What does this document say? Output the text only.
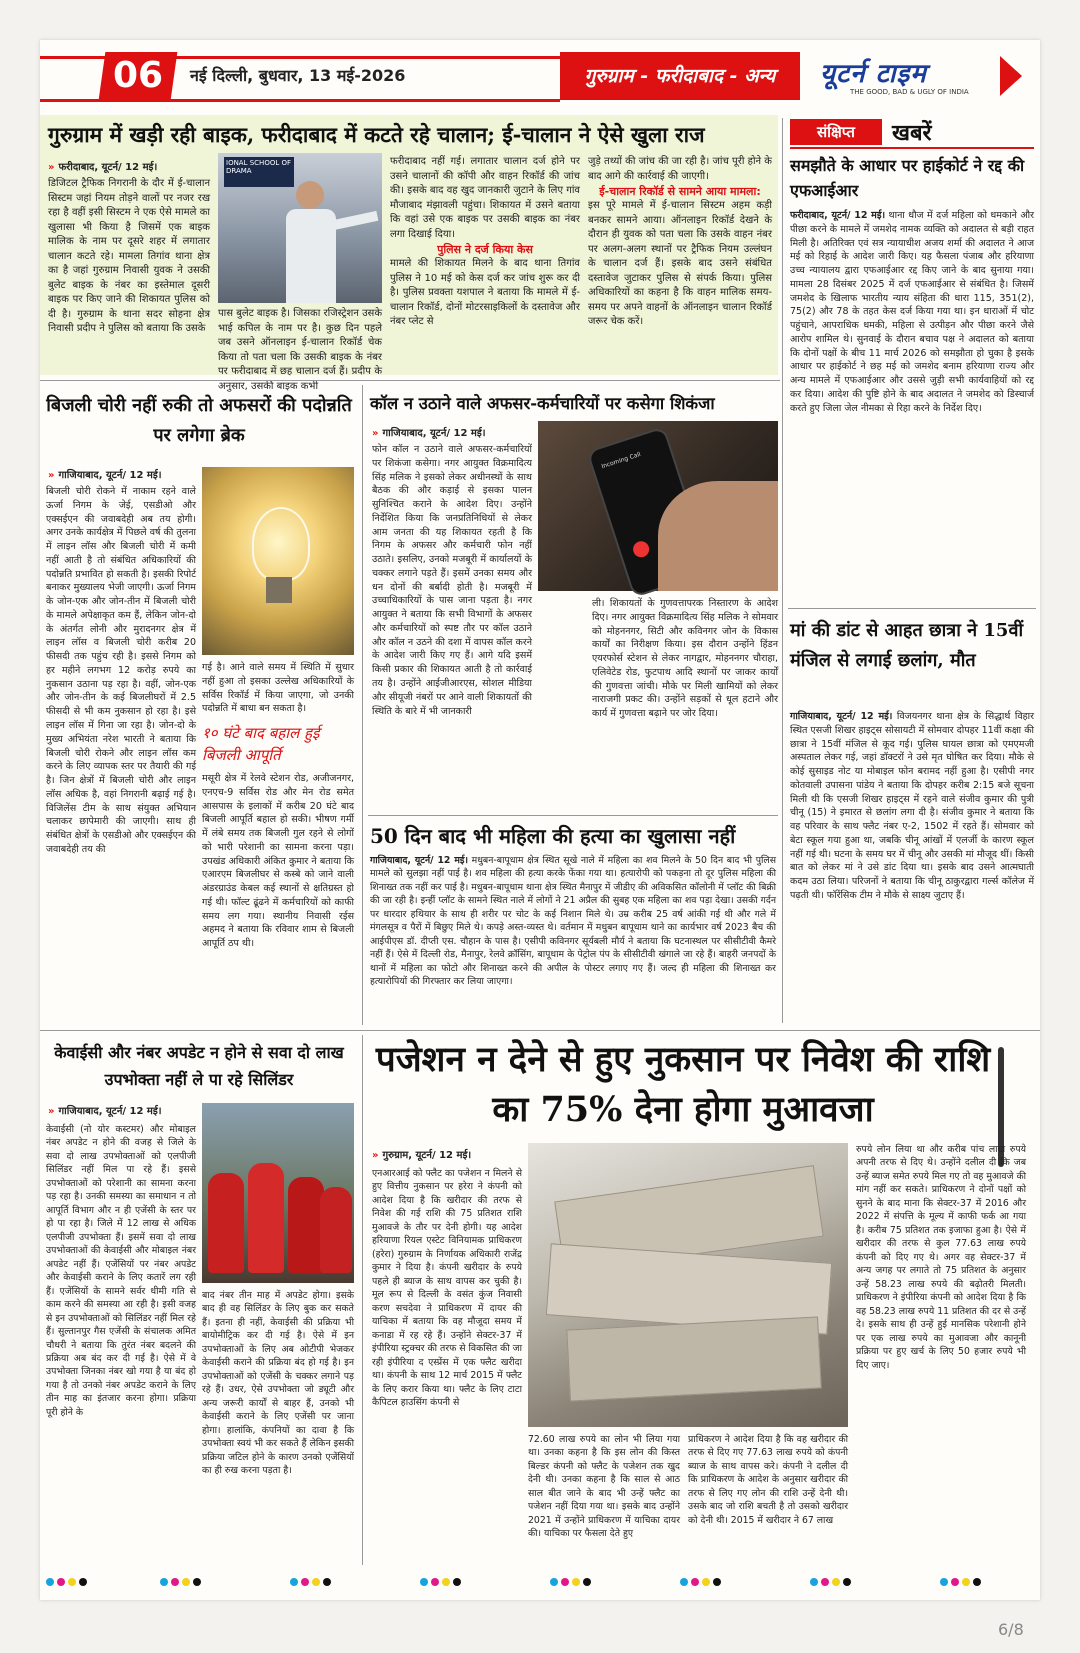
06	नई दिल्ली, बुधवार, 13 मई-2026	गुरुग्राम - फरीदाबाद - अन्य	यूटर्न टाइम
THE GOOD, BAD & UGLY OF INDIA
गुरुग्राम में खड़ी रही बाइक, फरीदाबाद में कटते रहे चालान; ई-चालान ने ऐसे खुला राज
» फरीदाबाद, यूटर्न/ 12 मई।
डिजिटल ट्रैफिक निगरानी के दौर में ई-चालान सिस्टम जहां नियम तोड़ने वालों पर नजर रख रहा है वहीं इसी सिस्टम ने एक ऐसे मामले का खुलासा भी किया है जिसमें एक बाइक मालिक के नाम पर दूसरे शहर में लगातार चालान कटते रहे। मामला तिगांव थाना क्षेत्र का है जहां गुरुग्राम निवासी युवक ने उसकी बुलेट बाइक के नंबर का इस्तेमाल दूसरी बाइक पर किए जाने की शिकायत पुलिस को दी है। गुरुग्राम के थाना सदर सोहना क्षेत्र निवासी प्रदीप ने पुलिस को बताया कि उसके
IONAL SCHOOL OF DRAMA
पास बुलेट बाइक है। जिसका रजिस्ट्रेशन उसके भाई कपिल के नाम पर है। कुछ दिन पहले जब उसने ऑनलाइन ई-चालान रिकॉर्ड चेक किया तो पता चला कि उसकी बाइक के नंबर पर फरीदाबाद में छह चालान दर्ज हैं। प्रदीप के अनुसार, उसकी बाइक कभी
फरीदाबाद नहीं गई। लगातार चालान दर्ज होने पर उसने चालानों की कॉपी और वाहन रिकॉर्ड की जांच की। इसके बाद वह खुद जानकारी जुटाने के लिए गांव मौजाबाद मंझावली पहुंचा। शिकायत में उसने बताया कि वहां उसे एक बाइक पर उसकी बाइक का नंबर लगा दिखाई दिया।
पुलिस ने दर्ज किया केस
मामले की शिकायत मिलने के बाद थाना तिगांव पुलिस ने 10 मई को केस दर्ज कर जांच शुरू कर दी है। पुलिस प्रवक्ता यशपाल ने बताया कि मामले में ई-चालान रिकॉर्ड, दोनों मोटरसाइकिलों के दस्तावेज और नंबर प्लेट से
जुड़े तथ्यों की जांच की जा रही है। जांच पूरी होने के बाद आगे की कार्रवाई की जाएगी।
ई-चालान रिकॉर्ड से सामने आया मामला:
इस पूरे मामले में ई-चालान सिस्टम अहम कड़ी बनकर सामने आया। ऑनलाइन रिकॉर्ड देखने के दौरान ही युवक को पता चला कि उसके वाहन नंबर पर अलग-अलग स्थानों पर ट्रैफिक नियम उल्लंघन के चालान दर्ज हैं। इसके बाद उसने संबंधित दस्तावेज जुटाकर पुलिस से संपर्क किया। पुलिस अधिकारियों का कहना है कि वाहन मालिक समय-समय पर अपने वाहनों के ऑनलाइन चालान रिकॉर्ड जरूर चेक करें।
संक्षिप्त	खबरें
समझौते के आधार पर हाईकोर्ट ने रद्द की एफआईआर
फरीदाबाद, यूटर्न/ 12 मई। थाना धौज में दर्ज महिला को धमकाने और पीछा करने के मामले में जमशेद नामक व्यक्ति को अदालत से बड़ी राहत मिली है। अतिरिक्त एवं सत्र न्यायाधीश अजय शर्मा की अदालत ने आज मई को रिहाई के आदेश जारी किए। यह फैसला पंजाब और हरियाणा उच्च न्यायालय द्वारा एफआईआर रद्द किए जाने के बाद सुनाया गया। मामला 28 दिसंबर 2025 में दर्ज एफआईआर से संबंधित है। जिसमें जमशेद के खिलाफ भारतीय न्याय संहिता की धारा 115, 351(2), 75(2) और 78 के तहत केस दर्ज किया गया था। इन धाराओं में चोट पहुंचाने, आपराधिक धमकी, महिला से उत्पीड़न और पीछा करने जैसे आरोप शामिल थे। सुनवाई के दौरान बचाव पक्ष ने अदालत को बताया कि दोनों पक्षों के बीच 11 मार्च 2026 को समझौता हो चुका है इसके आधार पर हाईकोर्ट ने छह मई को जमशेद बनाम हरियाणा राज्य और अन्य मामले में एफआईआर और उससे जुड़ी सभी कार्यवाहियों को रद्द कर दिया। आदेश की पुष्टि होने के बाद अदालत ने जमशेद को डिस्चार्ज करते हुए जिला जेल नीमका से रिहा करने के निर्देश दिए।
मां की डांट से आहत छात्रा ने 15वीं मंजिल से लगाई छलांग, मौत
गाजियाबाद, यूटर्न/ 12 मई। विजयनगर थाना क्षेत्र के सिद्धार्थ विहार स्थित एसजी शिखर हाइट्स सोसायटी में सोमवार दोपहर 11वीं कक्षा की छात्रा ने 15वीं मंजिल से कूद गई। पुलिस घायल छात्रा को एमएमजी अस्पताल लेकर गई, जहां डॉक्टरों ने उसे मृत घोषित कर दिया। मौके से कोई सुसाइड नोट या मोबाइल फोन बरामद नहीं हुआ है। एसीपी नगर कोतवाली उपासना पांडेय ने बताया कि दोपहर करीब 2:15 बजे सूचना मिली थी कि एसजी शिखर हाइट्स में रहने वाले संजीव कुमार की पुत्री चीनू (15) ने इमारत से छलांग लगा दी है। संजीव कुमार ने बताया कि वह परिवार के साथ फ्लैट नंबर ए-2, 1502 में रहते हैं। सोमवार को बेटा स्कूल गया हुआ था, जबकि चीनू आंखों में एलर्जी के कारण स्कूल नहीं गई थी। घटना के समय घर में चीनू और उसकी मां मौजूद थीं। किसी बात को लेकर मां ने उसे डांट दिया था। इसके बाद उसने आत्मघाती कदम उठा लिया। परिजनों ने बताया कि चीनू ठाकुरद्वारा गर्ल्स कॉलेज में पढ़ती थी। फॉरेंसिक टीम ने मौके से साक्ष्य जुटाए हैं।
बिजली चोरी नहीं रुकी तो अफसरों की पदोन्नति पर लगेगा ब्रेक
» गाजियाबाद, यूटर्न/ 12 मई।
बिजली चोरी रोकने में नाकाम रहने वाले ऊर्जा निगम के जेई, एसडीओ और एक्सईएन की जवाबदेही अब तय होगी। अगर उनके कार्यक्षेत्र में पिछले वर्ष की तुलना में लाइन लॉस और बिजली चोरी में कमी नहीं आती है तो संबंधित अधिकारियों की पदोन्नति प्रभावित हो सकती है। इसकी रिपोर्ट बनाकर मुख्यालय भेजी जाएगी। ऊर्जा निगम के जोन-एक और जोन-तीन में बिजली चोरी के मामले अपेक्षाकृत कम हैं, लेकिन जोन-दो के अंतर्गत लोनी और मुरादनगर क्षेत्र में लाइन लॉस व बिजली चोरी करीब 20 फीसदी तक पहुंच रही है। इससे निगम को हर महीने लगभग 12 करोड़ रुपये का नुकसान उठाना पड़ रहा है। वहीं, जोन-एक और जोन-तीन के कई बिजलीघरों में 2.5 फीसदी से भी कम नुकसान हो रहा है। इसे लाइन लॉस में गिना जा रहा है। जोन-दो के मुख्य अभियंता नरेश भारती ने बताया कि बिजली चोरी रोकने और लाइन लॉस कम करने के लिए व्यापक स्तर पर तैयारी की गई है। जिन क्षेत्रों में बिजली चोरी और लाइन लॉस अधिक है, वहां निगरानी बढ़ाई गई है। विजिलेंस टीम के साथ संयुक्त अभियान चलाकर छापेमारी की जाएगी। साथ ही संबंधित क्षेत्रों के एसडीओ और एक्सईएन की जवाबदेही तय की
गई है। आने वाले समय में स्थिति में सुधार नहीं हुआ तो इसका उल्लेख अधिकारियों के सर्विस रिकॉर्ड में किया जाएगा, जो उनकी पदोन्नति में बाधा बन सकता है।
१० घंटे बाद बहाल हुई बिजली आपूर्ति
मसूरी क्षेत्र में रेलवे स्टेशन रोड, अजीजनगर, एनएच-9 सर्विस रोड और मेन रोड समेत आसपास के इलाकों में करीब 20 घंटे बाद बिजली आपूर्ति बहाल हो सकी। भीषण गर्मी में लंबे समय तक बिजली गुल रहने से लोगों को भारी परेशानी का सामना करना पड़ा। उपखंड अधिकारी अंकित कुमार ने बताया कि एआरएम बिजलीघर से कस्बे को जाने वाली अंडरग्राउंड केबल कई स्थानों से क्षतिग्रस्त हो गई थी। फॉल्ट ढूंढने में कर्मचारियों को काफी समय लग गया। स्थानीय निवासी रईस अहमद ने बताया कि रविवार शाम से बिजली आपूर्ति ठप थी।
कॉल न उठाने वाले अफसर-कर्मचारियों पर कसेगा शिकंजा
» गाजियाबाद, यूटर्न/ 12 मई।
Incoming Call
फोन कॉल न उठाने वाले अफसर-कर्मचारियों पर शिकंजा कसेगा। नगर आयुक्त विक्रमादित्य सिंह मलिक ने इसको लेकर अधीनस्थों के साथ बैठक की और कड़ाई से इसका पालन सुनिश्चित कराने के आदेश दिए। उन्होंने निर्देशित किया कि जनप्रतिनिधियों से लेकर आम जनता की यह शिकायत रहती है कि निगम के अफसर और कर्मचारी फोन नहीं उठाते। इसलिए, उनको मजबूरी में कार्यालयों के चक्कर लगाने पड़ते हैं। इसमें उनका समय और धन दोनों की बर्बादी होती है। मजबूरी में उच्चाधिकारियों के पास जाना पड़ता है। नगर आयुक्त ने बताया कि सभी विभागों के अफसर और कर्मचारियों को स्पष्ट तौर पर कॉल उठाने और कॉल न उठने की दशा में वापस कॉल करने के आदेश जारी किए गए हैं। आगे यदि इसमें किसी प्रकार की शिकायत आती है तो कार्रवाई तय है। उन्होंने आईजीआरएस, सोशल मीडिया और सीयूजी नंबरों पर आने वाली शिकायतों की स्थिति के बारे में भी जानकारी
ली। शिकायतों के गुणवत्तापरक निस्तारण के आदेश दिए। नगर आयुक्त विक्रमादित्य सिंह मलिक ने सोमवार को मोहननगर, सिटी और कविनगर जोन के विकास कार्यों का निरीक्षण किया। इस दौरान उन्होंने हिंडन एयरफोर्स स्टेशन से लेकर नागद्वार, मोहननगर चौराहा, एलिवेटेड रोड, फुटपाथ आदि स्थानों पर जाकर कार्यों की गुणवत्ता जांची। मौके पर मिली खामियों को लेकर नाराजगी प्रकट की। उन्होंने सड़कों से धूल हटाने और कार्य में गुणवत्ता बढ़ाने पर जोर दिया।
50 दिन बाद भी महिला की हत्या का खुलासा नहीं
गाजियाबाद, यूटर्न/ 12 मई। मधुबन-बापूधाम क्षेत्र स्थित सूखे नाले में महिला का शव मिलने के 50 दिन बाद भी पुलिस मामले को सुलझा नहीं पाई है। शव महिला की हत्या करके फेंका गया था। हत्यारोपी को पकड़ना तो दूर पुलिस महिला की शिनाख्त तक नहीं कर पाई है। मधुबन-बापूधाम थाना क्षेत्र स्थित मैनापुर में जीडीए की अविकसित कॉलोनी में प्लॉट की बिक्री की जा रही है। इन्हीं प्लॉट के सामने स्थित नाले में लोगों ने 21 अप्रैल की सुबह एक महिला का शव पड़ा देखा। उसकी गर्दन पर धारदार हथियार के साथ ही शरीर पर चोट के कई निशान मिले थे। उम्र करीब 25 वर्ष आंकी गई थी और गले में मंगलसूत्र व पैरों में बिछुए मिले थे। कपड़े अस्त-व्यस्त थे। वर्तमान में मधुबन बापूधाम थाने का कार्यभार वर्ष 2023 बैच की आईपीएस डॉ. दीप्ती एस. चौहान के पास है। एसीपी कविनगर सूर्यबली मौर्य ने बताया कि घटनास्थल पर सीसीटीवी कैमरे नहीं हैं। ऐसे में दिल्ली रोड, मैनापुर, रेलवे क्रॉसिंग, बापूधाम के पेट्रोल पंप के सीसीटीवी खंगाले जा रहे हैं। बाहरी जनपदों के थानों में महिला का फोटो और शिनाख्त करने की अपील के पोस्टर लगाए गए हैं। जल्द ही महिला की शिनाख्त कर हत्यारोपियों की गिरफ्तार कर लिया जाएगा।
केवाईसी और नंबर अपडेट न होने से सवा दो लाख उपभोक्ता नहीं ले पा रहे सिलिंडर
» गाजियाबाद, यूटर्न/ 12 मई।
केवाईसी (नो योर कस्टमर) और मोबाइल नंबर अपडेट न होने की वजह से जिले के सवा दो लाख उपभोक्ताओं को एलपीजी सिलिंडर नहीं मिल पा रहे हैं। इससे उपभोक्ताओं को परेशानी का सामना करना पड़ रहा है। उनकी समस्या का समाधान न तो आपूर्ति विभाग और न ही एजेंसी के स्तर पर हो पा रहा है। जिले में 12 लाख से अधिक एलपीजी उपभोक्ता हैं। इसमें सवा दो लाख उपभोक्ताओं की केवाईसी और मोबाइल नंबर अपडेट नहीं हैं। एजेंसियों पर नंबर अपडेट और केवाईसी कराने के लिए कतारें लग रही हैं। एजेंसियों के सामने सर्वर धीमी गति से काम करने की समस्या आ रही है। इसी वजह से इन उपभोक्ताओं को सिलिंडर नहीं मिल रहे हैं। सुल्तानपुर गैस एजेंसी के संचालक अमित चौधरी ने बताया कि तुरंत नंबर बदलने की प्रक्रिया अब बंद कर दी गई है। ऐसे में वे उपभोक्ता जिनका नंबर खो गया है या बंद हो गया है तो उनको नंबर अपडेट कराने के लिए तीन माह का इंतजार करना होगा। प्रक्रिया पूरी होने के
बाद नंबर तीन माह में अपडेट होगा। इसके बाद ही वह सिलिंडर के लिए बुक कर सकते हैं। इतना ही नहीं, केवाईसी की प्रक्रिया भी बायोमीट्रिक कर दी गई है। ऐसे में इन उपभोक्ताओं के लिए अब ओटीपी भेजकर केवाईसी कराने की प्रक्रिया बंद हो गई है। इन उपभोक्ताओं को एजेंसी के चक्कर लगाने पड़ रहे हैं। उधर, ऐसे उपभोक्ता जो ड्यूटी और अन्य जरूरी कार्यों से बाहर हैं, उनको भी केवाईसी कराने के लिए एजेंसी पर जाना होगा। हालांकि, कंपनियों का दावा है कि उपभोक्ता स्वयं भी कर सकते हैं लेकिन इसकी प्रक्रिया जटिल होने के कारण उनको एजेंसियों का ही रुख करना पड़ता है।
पजेशन न देने से हुए नुकसान पर निवेश की राशि का 75% देना होगा मुआवजा
» गुरुग्राम, यूटर्न/ 12 मई।
एनआरआई को फ्लैट का पजेशन न मिलने से हुए वित्तीय नुकसान पर हरेरा ने कंपनी को आदेश दिया है कि खरीदार की तरफ से निवेश की गई राशि की 75 प्रतिशत राशि मुआवजे के तौर पर देनी होगी। यह आदेश हरियाणा रियल एस्टेट विनियामक प्राधिकरण (हरेरा) गुरुग्राम के निर्णायक अधिकारी राजेंद्र कुमार ने दिया है। कंपनी खरीदार के रुपये पहले ही ब्याज के साथ वापस कर चुकी है। मूल रूप से दिल्ली के वसंत कुंज निवासी करण सचदेवा ने प्राधिकरण में दायर की याचिका में बताया कि वह मौजूदा समय में कनाडा में रह रहे हैं। उन्होंने सेक्टर-37 में इंपीरिया स्ट्रक्चर की तरफ से विकसित की जा रही इंपीरिया द एस्प्रेंस में एक फ्लैट खरीदा था। कंपनी के साथ 12 मार्च 2015 में फ्लैट के लिए करार किया था। फ्लैट के लिए टाटा कैपिटल हाउसिंग कंपनी से
72.60 लाख रुपये का लोन भी लिया गया था। उनका कहना है कि इस लोन की किस्त बिल्डर कंपनी को फ्लैट के पजेशन तक खुद देनी थी। उनका कहना है कि साल से आठ साल बीत जाने के बाद भी उन्हें फ्लैट का पजेशन नहीं दिया गया था। इसके बाद उन्होंने 2021 में उन्होंने प्राधिकरण में याचिका दायर की। याचिका पर फैसला देते हुए
प्राधिकरण ने आदेश दिया है कि वह खरीदार की तरफ से दिए गए 77.63 लाख रुपये को कंपनी ब्याज के साथ वापस करे। कंपनी ने दलील दी कि प्राधिकरण के आदेश के अनुसार खरीदार की तरफ से लिए गए लोन की राशि उन्हें देनी थी। उसके बाद जो राशि बचती है तो उसको खरीदार को देनी थी। 2015 में खरीदार ने 67 लाख
रुपये लोन लिया था और करीब पांच लाख रुपये अपनी तरफ से दिए थे। उन्होंने दलील दी कि जब उन्हें ब्याज समेत रुपये मिल गए तो वह मुआवजे की मांग नहीं कर सकते। प्राधिकरण ने दोनों पक्षों को सुनने के बाद माना कि सेक्टर-37 में 2016 और 2022 में संपत्ति के मूल्य में काफी फर्क आ गया है। करीब 75 प्रतिशत तक इजाफा हुआ है। ऐसे में खरीदार की तरफ से कुल 77.63 लाख रुपये कंपनी को दिए गए थे। अगर वह सेक्टर-37 में अन्य जगह पर लगाते तो 75 प्रतिशत के अनुसार उन्हें 58.23 लाख रुपये की बढ़ोतरी मिलती। प्राधिकरण ने इंपीरिया कंपनी को आदेश दिया है कि वह 58.23 लाख रुपये 11 प्रतिशत की दर से उन्हें दे। इसके साथ ही उन्हें हुई मानसिक परेशानी होने पर एक लाख रुपये का मुआवजा और कानूनी प्रक्रिया पर हुए खर्च के लिए 50 हजार रुपये भी दिए जाए।
6/8
